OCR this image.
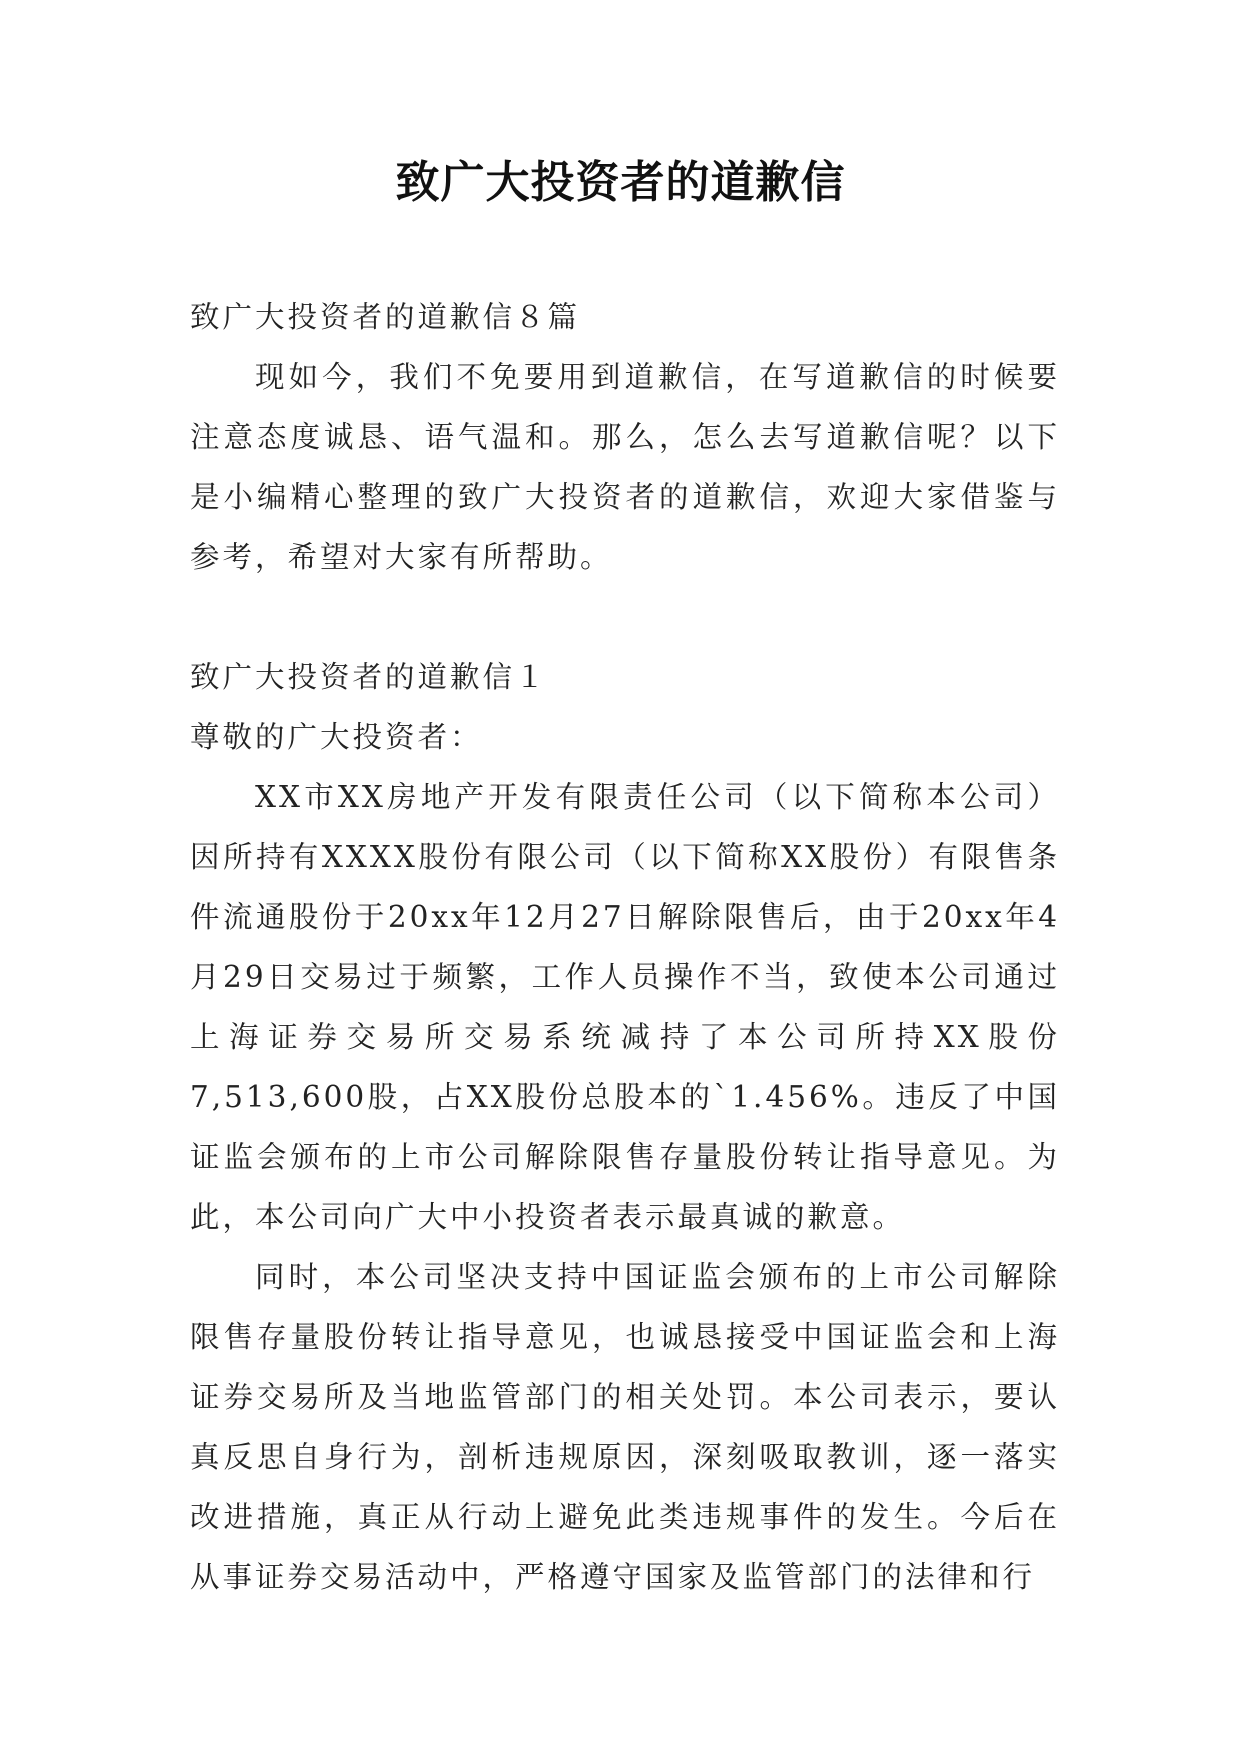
致广大投资者的道歉信

致广大投资者的道歉信８篇

现如今，我们不免要用到道歉信，在写道歉信的时候要注意态度诚恳、语气温和。那么，怎么去写道歉信呢？以下是小编精心整理的致广大投资者的道歉信，欢迎大家借鉴与参考，希望对大家有所帮助。

致广大投资者的道歉信１

尊敬的广大投资者：

XX市XX房地产开发有限责任公司（以下简称本公司）因所持有XXXX股份有限公司（以下简称XX股份）有限售条件流通股份于20xx年12月27日解除限售后，由于20xx年4月29日交易过于频繁，工作人员操作不当，致使本公司通过上海证券交易所交易系统减持了本公司所持XX股份7,513,600股，占XX股份总股本的`1.456%。违反了中国证监会颁布的上市公司解除限售存量股份转让指导意见。为此，本公司向广大中小投资者表示最真诚的歉意。

同时，本公司坚决支持中国证监会颁布的上市公司解除限售存量股份转让指导意见，也诚恳接受中国证监会和上海证券交易所及当地监管部门的相关处罚。本公司表示，要认真反思自身行为，剖析违规原因，深刻吸取教训，逐一落实改进措施，真正从行动上避免此类违规事件的发生。今后在从事证券交易活动中，严格遵守国家及监管部门的法律和行
